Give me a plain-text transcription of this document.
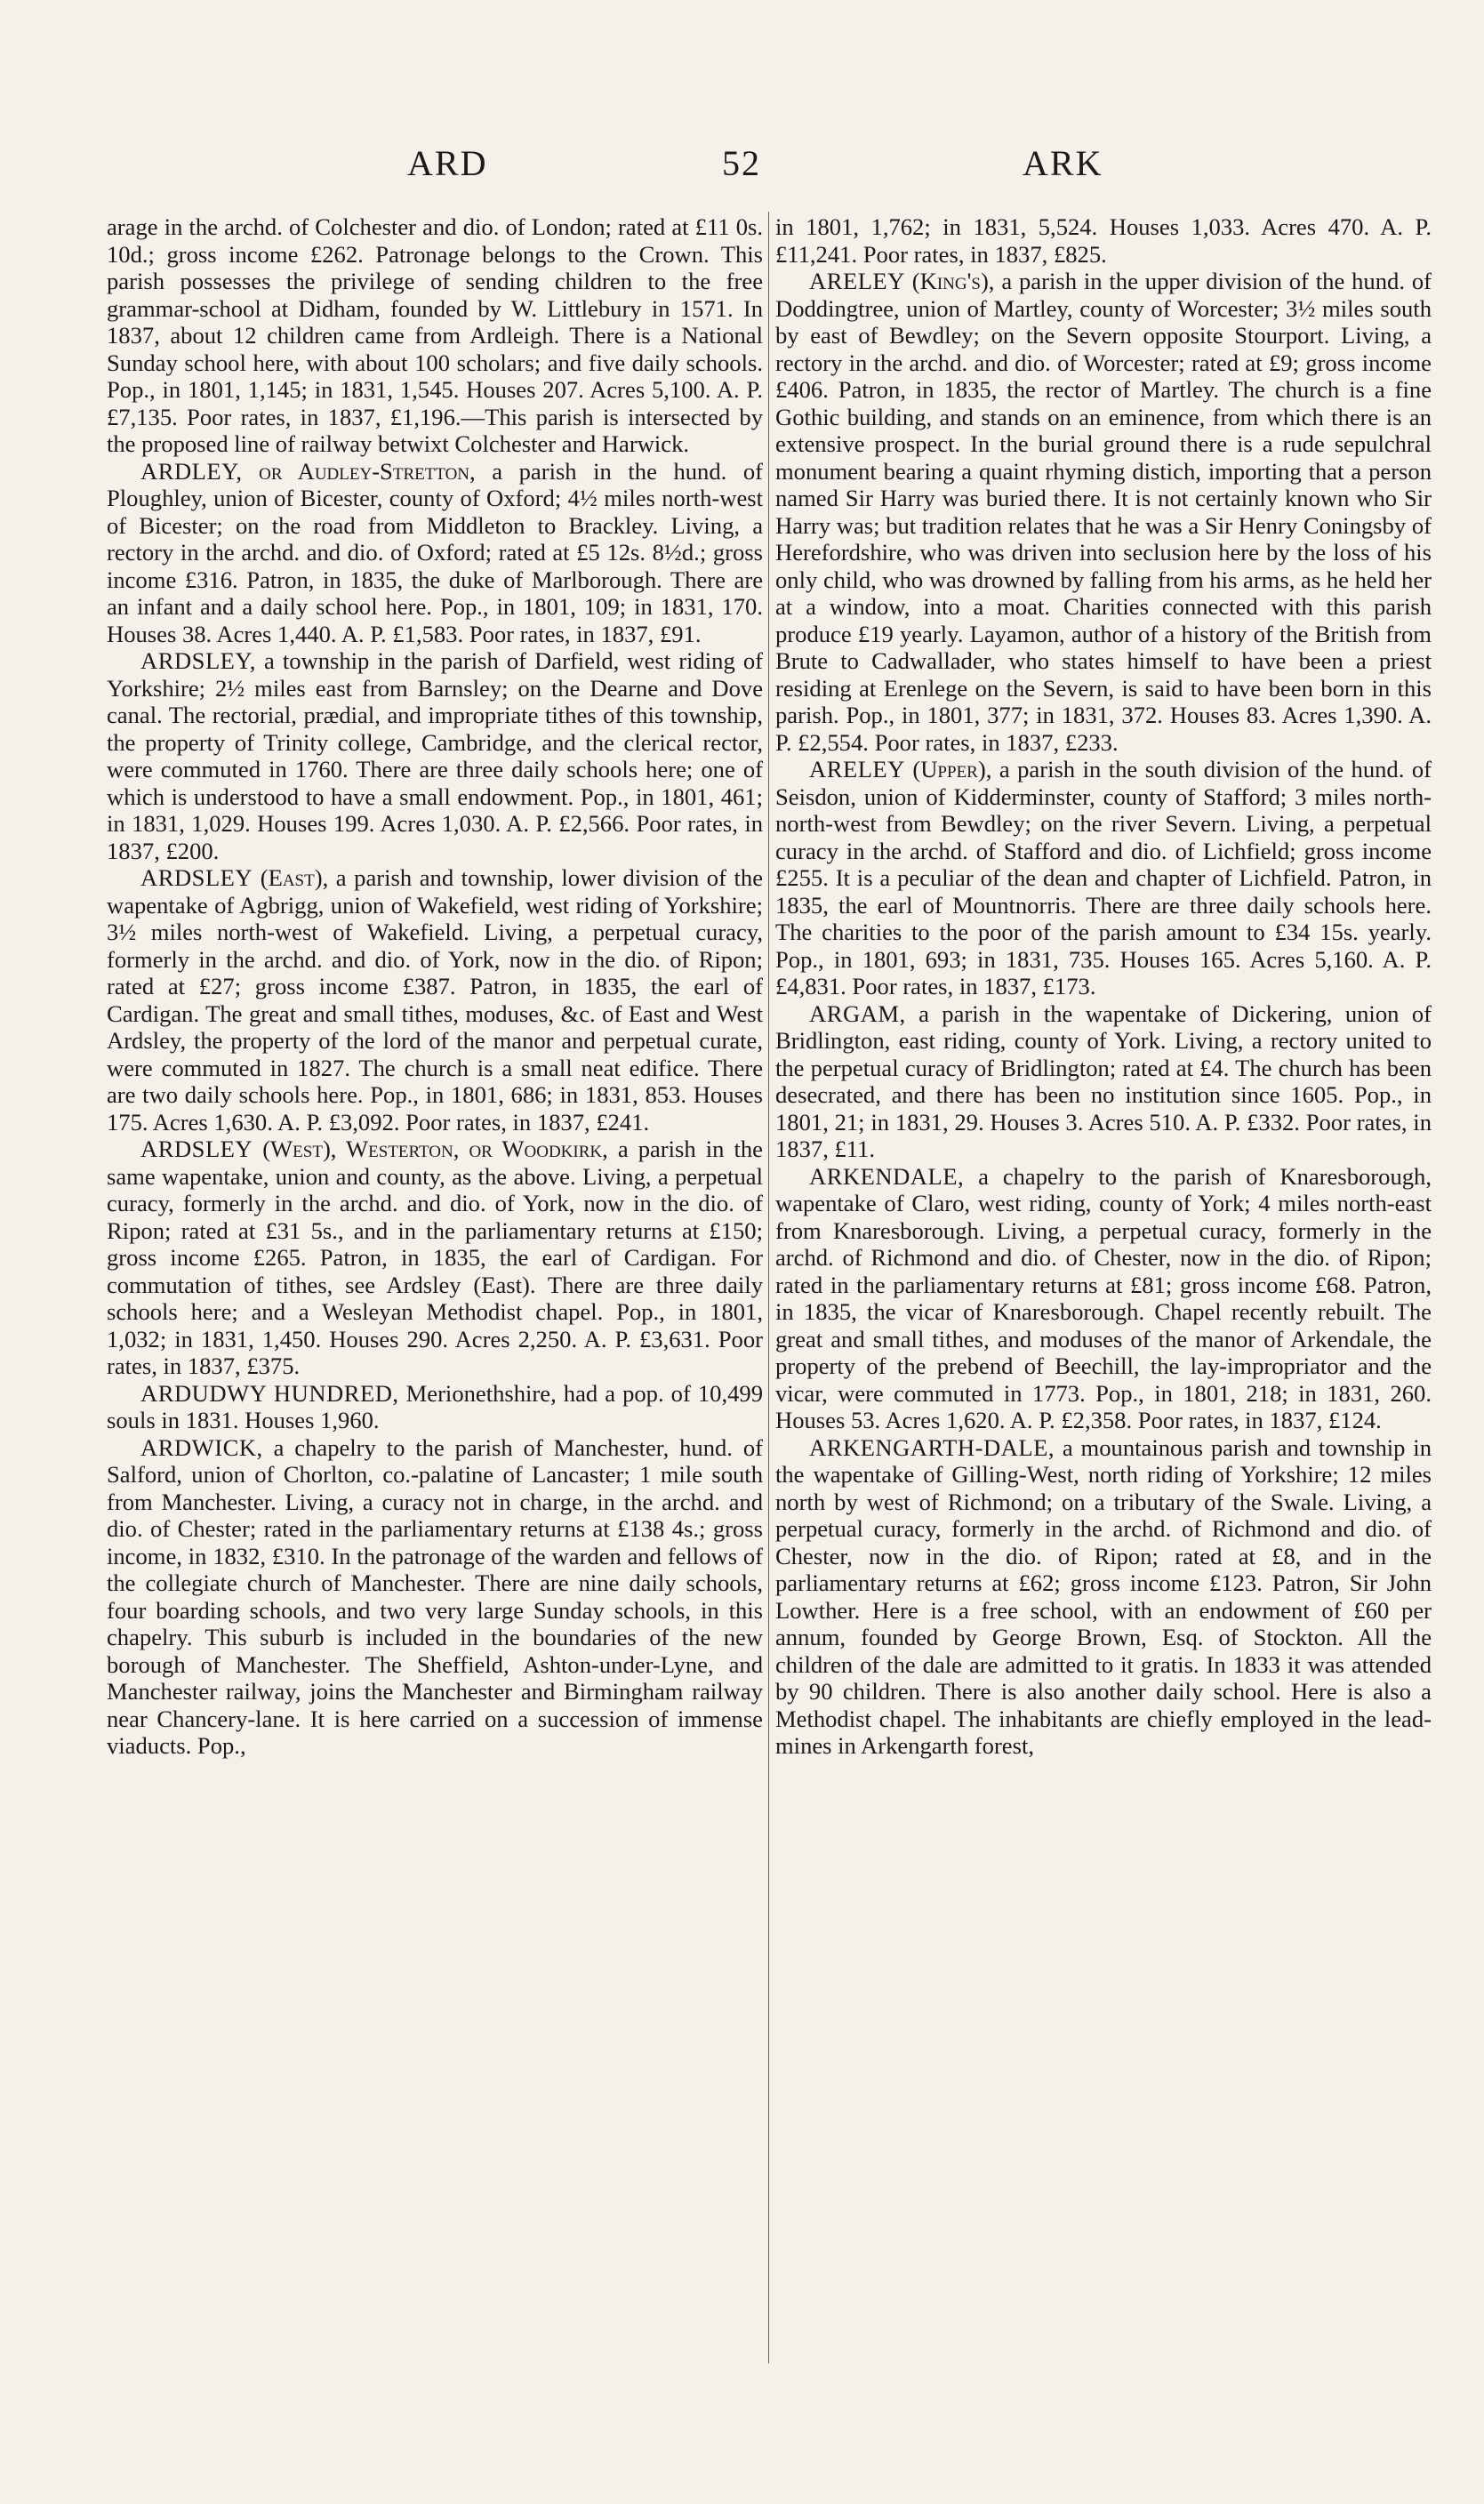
ARD	52	ARK

arage in the archd. of Colchester and dio. of London; rated at £11 0s. 10d.; gross income £262. Patronage belongs to the Crown. This parish possesses the privilege of sending children to the free grammar-school at Didham, founded by W. Littlebury in 1571. In 1837, about 12 children came from Ardleigh. There is a National Sunday school here, with about 100 scholars; and five daily schools. Pop., in 1801, 1,145; in 1831, 1,545. Houses 207. Acres 5,100. A. P. £7,135. Poor rates, in 1837, £1,196.—This parish is intersected by the proposed line of railway betwixt Colchester and Harwick.

ARDLEY, or Audley-Stretton, a parish in the hund. of Ploughley, union of Bicester, county of Oxford; 4½ miles north-west of Bicester; on the road from Middleton to Brackley. Living, a rectory in the archd. and dio. of Oxford; rated at £5 12s. 8½d.; gross income £316. Patron, in 1835, the duke of Marlborough. There are an infant and a daily school here. Pop., in 1801, 109; in 1831, 170. Houses 38. Acres 1,440. A. P. £1,583. Poor rates, in 1837, £91.

ARDSLEY, a township in the parish of Darfield, west riding of Yorkshire; 2½ miles east from Barnsley; on the Dearne and Dove canal. The rectorial, prædial, and impropriate tithes of this township, the property of Trinity college, Cambridge, and the clerical rector, were commuted in 1760. There are three daily schools here; one of which is understood to have a small endowment. Pop., in 1801, 461; in 1831, 1,029. Houses 199. Acres 1,030. A. P. £2,566. Poor rates, in 1837, £200.

ARDSLEY (East), a parish and township, lower division of the wapentake of Agbrigg, union of Wakefield, west riding of Yorkshire; 3½ miles north-west of Wakefield. Living, a perpetual curacy, formerly in the archd. and dio. of York, now in the dio. of Ripon; rated at £27; gross income £387. Patron, in 1835, the earl of Cardigan. The great and small tithes, moduses, &c. of East and West Ardsley, the property of the lord of the manor and perpetual curate, were commuted in 1827. The church is a small neat edifice. There are two daily schools here. Pop., in 1801, 686; in 1831, 853. Houses 175. Acres 1,630. A. P. £3,092. Poor rates, in 1837, £241.

ARDSLEY (West), Westerton, or Woodkirk, a parish in the same wapentake, union and county, as the above. Living, a perpetual curacy, formerly in the archd. and dio. of York, now in the dio. of Ripon; rated at £31 5s., and in the parliamentary returns at £150; gross income £265. Patron, in 1835, the earl of Cardigan. For commutation of tithes, see Ardsley (East). There are three daily schools here; and a Wesleyan Methodist chapel. Pop., in 1801, 1,032; in 1831, 1,450. Houses 290. Acres 2,250. A. P. £3,631. Poor rates, in 1837, £375.

ARDUDWY HUNDRED, Merionethshire, had a pop. of 10,499 souls in 1831. Houses 1,960.

ARDWICK, a chapelry to the parish of Manchester, hund. of Salford, union of Chorlton, co.-palatine of Lancaster; 1 mile south from Manchester. Living, a curacy not in charge, in the archd. and dio. of Chester; rated in the parliamentary returns at £138 4s.; gross income, in 1832, £310. In the patronage of the warden and fellows of the collegiate church of Manchester. There are nine daily schools, four boarding schools, and two very large Sunday schools, in this chapelry. This suburb is included in the boundaries of the new borough of Manchester. The Sheffield, Ashton-under-Lyne, and Manchester railway, joins the Manchester and Birmingham railway near Chancery-lane. It is here carried on a succession of immense viaducts. Pop.,

in 1801, 1,762; in 1831, 5,524. Houses 1,033. Acres 470. A. P. £11,241. Poor rates, in 1837, £825.

ARELEY (King's), a parish in the upper division of the hund. of Doddingtree, union of Martley, county of Worcester; 3½ miles south by east of Bewdley; on the Severn opposite Stourport. Living, a rectory in the archd. and dio. of Worcester; rated at £9; gross income £406. Patron, in 1835, the rector of Martley. The church is a fine Gothic building, and stands on an eminence, from which there is an extensive prospect. In the burial ground there is a rude sepulchral monument bearing a quaint rhyming distich, importing that a person named Sir Harry was buried there. It is not certainly known who Sir Harry was; but tradition relates that he was a Sir Henry Coningsby of Herefordshire, who was driven into seclusion here by the loss of his only child, who was drowned by falling from his arms, as he held her at a window, into a moat. Charities connected with this parish produce £19 yearly. Layamon, author of a history of the British from Brute to Cadwallader, who states himself to have been a priest residing at Erenlege on the Severn, is said to have been born in this parish. Pop., in 1801, 377; in 1831, 372. Houses 83. Acres 1,390. A. P. £2,554. Poor rates, in 1837, £233.

ARELEY (Upper), a parish in the south division of the hund. of Seisdon, union of Kidderminster, county of Stafford; 3 miles north-north-west from Bewdley; on the river Severn. Living, a perpetual curacy in the archd. of Stafford and dio. of Lichfield; gross income £255. It is a peculiar of the dean and chapter of Lichfield. Patron, in 1835, the earl of Mountnorris. There are three daily schools here. The charities to the poor of the parish amount to £34 15s. yearly. Pop., in 1801, 693; in 1831, 735. Houses 165. Acres 5,160. A. P. £4,831. Poor rates, in 1837, £173.

ARGAM, a parish in the wapentake of Dickering, union of Bridlington, east riding, county of York. Living, a rectory united to the perpetual curacy of Bridlington; rated at £4. The church has been desecrated, and there has been no institution since 1605. Pop., in 1801, 21; in 1831, 29. Houses 3. Acres 510. A. P. £332. Poor rates, in 1837, £11.

ARKENDALE, a chapelry to the parish of Knaresborough, wapentake of Claro, west riding, county of York; 4 miles north-east from Knaresborough. Living, a perpetual curacy, formerly in the archd. of Richmond and dio. of Chester, now in the dio. of Ripon; rated in the parliamentary returns at £81; gross income £68. Patron, in 1835, the vicar of Knaresborough. Chapel recently rebuilt. The great and small tithes, and moduses of the manor of Arkendale, the property of the prebend of Beechill, the lay-impropriator and the vicar, were commuted in 1773. Pop., in 1801, 218; in 1831, 260. Houses 53. Acres 1,620. A. P. £2,358. Poor rates, in 1837, £124.

ARKENGARTH-DALE, a mountainous parish and township in the wapentake of Gilling-West, north riding of Yorkshire; 12 miles north by west of Richmond; on a tributary of the Swale. Living, a perpetual curacy, formerly in the archd. of Richmond and dio. of Chester, now in the dio. of Ripon; rated at £8, and in the parliamentary returns at £62; gross income £123. Patron, Sir John Lowther. Here is a free school, with an endowment of £60 per annum, founded by George Brown, Esq. of Stockton. All the children of the dale are admitted to it gratis. In 1833 it was attended by 90 children. There is also another daily school. Here is also a Methodist chapel. The inhabitants are chiefly employed in the lead-mines in Arkengarth forest,
